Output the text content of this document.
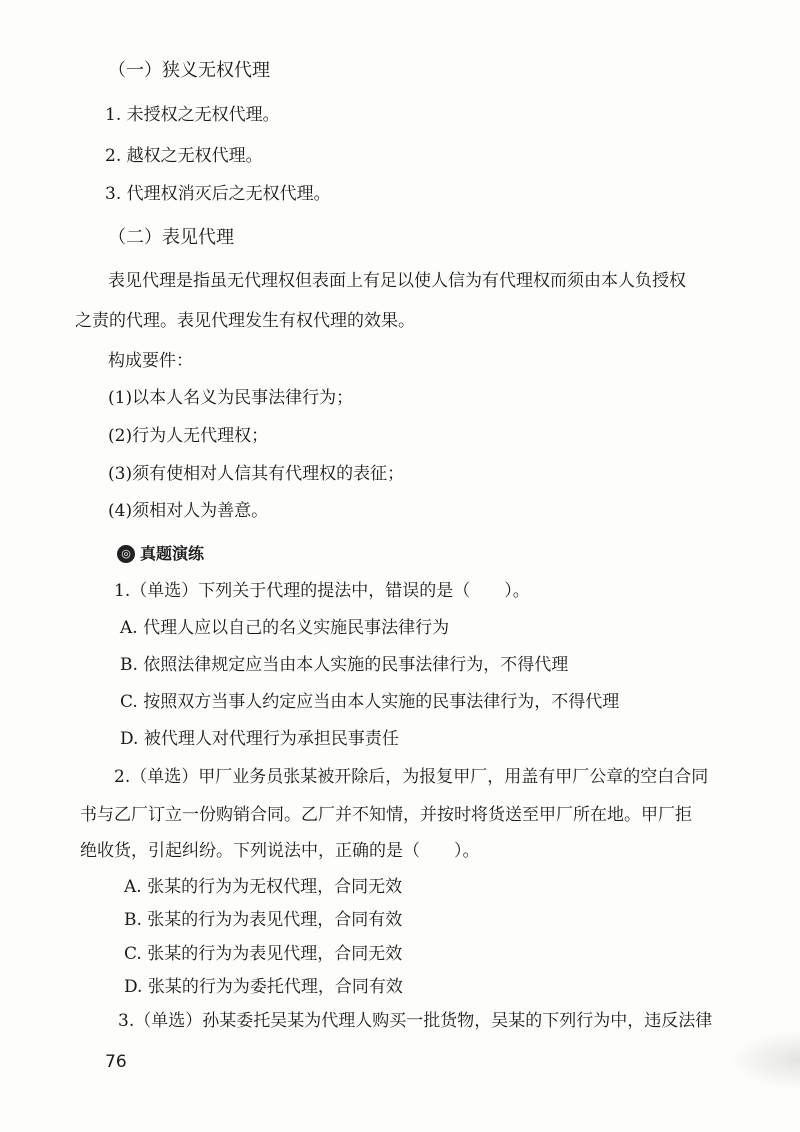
（一）狭义无权代理
1. 未授权之无权代理。
2. 越权之无权代理。
3. 代理权消灭后之无权代理。
（二）表见代理
表见代理是指虽无代理权但表面上有足以使人信为有代理权而须由本人负授权
之责的代理。表见代理发生有权代理的效果。
构成要件：
(1)以本人名义为民事法律行为；
(2)行为人无代理权；
(3)须有使相对人信其有代理权的表征；
(4)须相对人为善意。
◎ 真题演练
1.（单选）下列关于代理的提法中，错误的是（　　）。
A. 代理人应以自己的名义实施民事法律行为
B. 依照法律规定应当由本人实施的民事法律行为，不得代理
C. 按照双方当事人约定应当由本人实施的民事法律行为，不得代理
D. 被代理人对代理行为承担民事责任
2.（单选）甲厂业务员张某被开除后，为报复甲厂，用盖有甲厂公章的空白合同
书与乙厂订立一份购销合同。乙厂并不知情，并按时将货送至甲厂所在地。甲厂拒
绝收货，引起纠纷。下列说法中，正确的是（　　）。
A. 张某的行为为无权代理，合同无效
B. 张某的行为为表见代理，合同有效
C. 张某的行为为表见代理，合同无效
D. 张某的行为为委托代理，合同有效
3.（单选）孙某委托吴某为代理人购买一批货物，吴某的下列行为中，违反法律
76
